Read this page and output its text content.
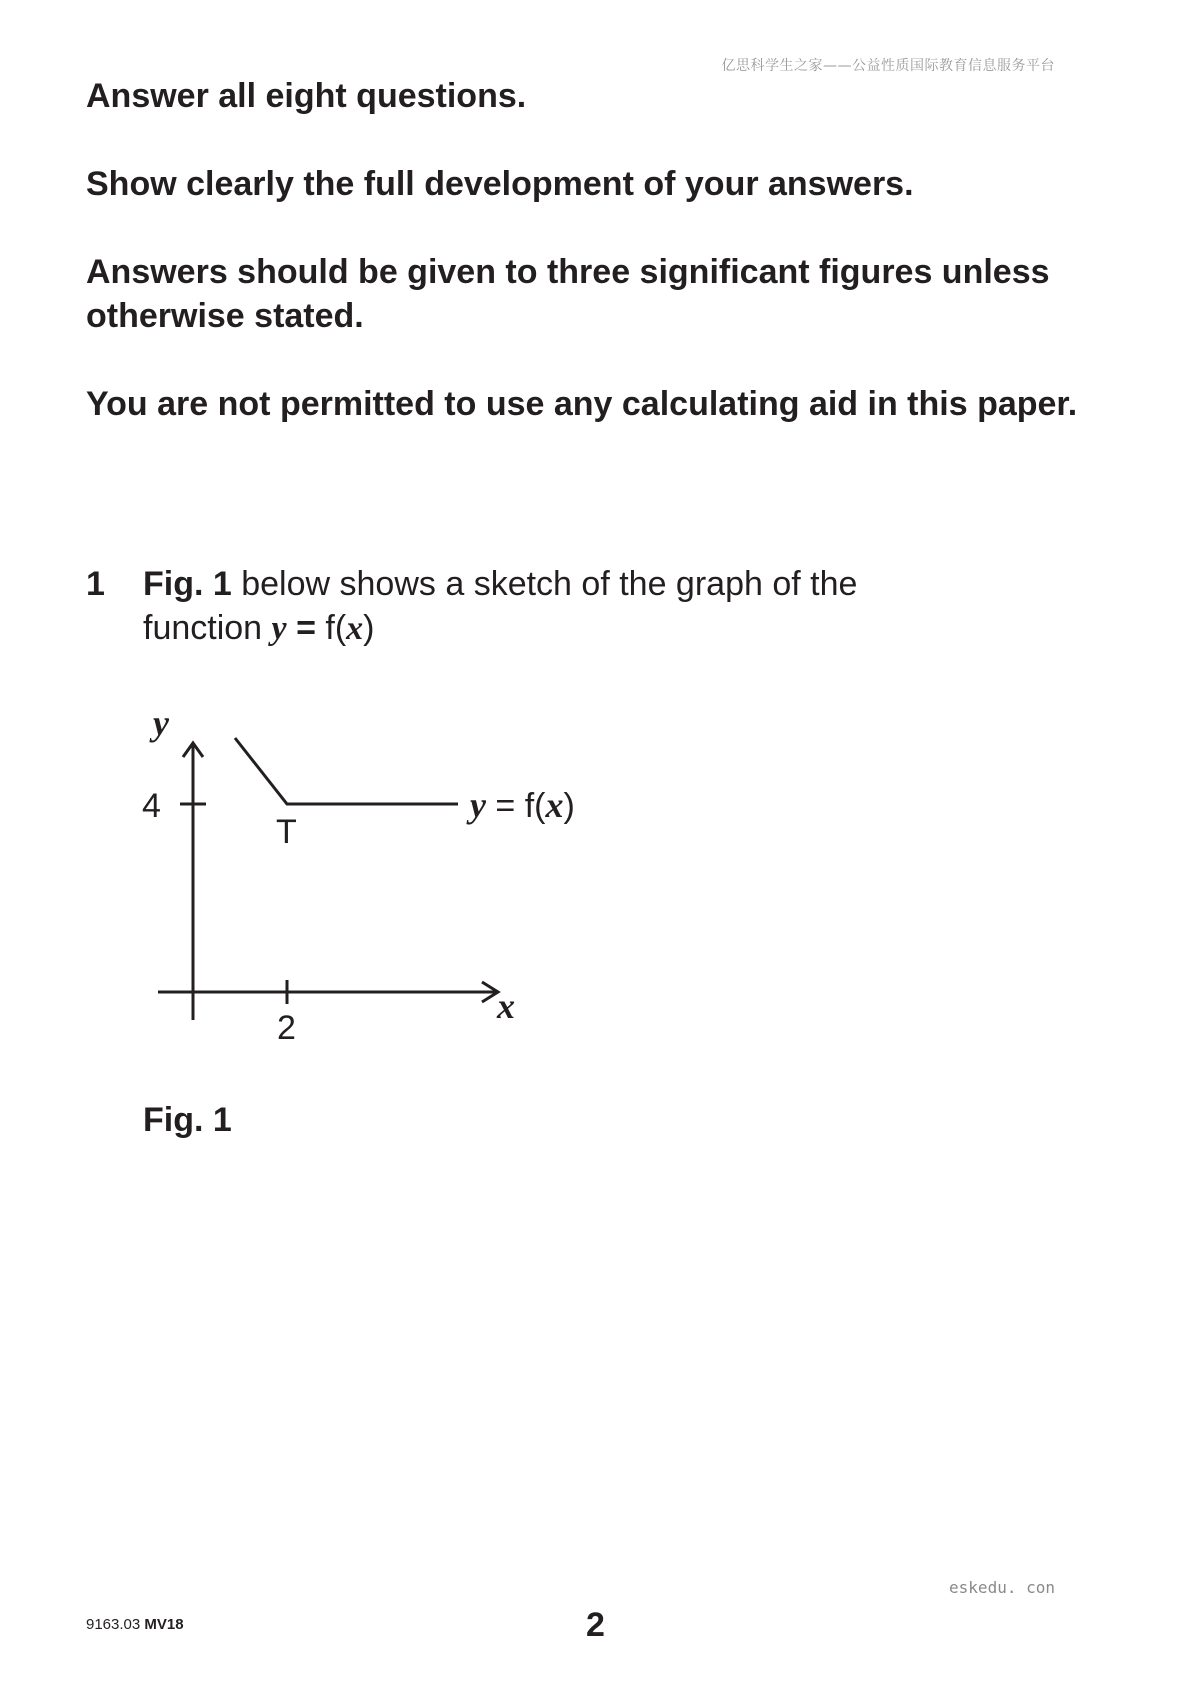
亿思科学生之家——公益性质国际教育信息服务平台

Answer all eight questions.

Show clearly the full development of your answers.

Answers should be given to three significant figures unless otherwise stated.

You are not permitted to use any calculating aid in this paper.

1 Fig. 1 below shows a sketch of the graph of the
function y = f(x)
y
x
4
2
T
y = f(x)
Fig. 1
eskedu. con
9163.03 MV18	2
